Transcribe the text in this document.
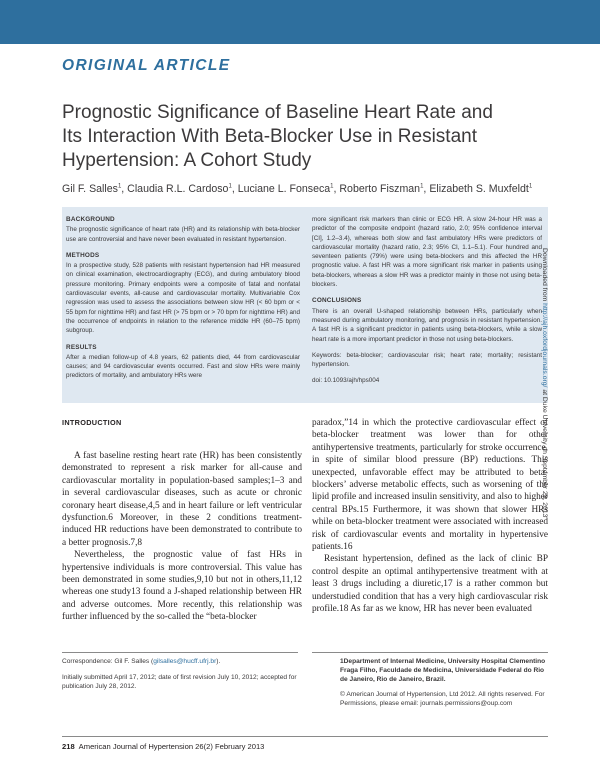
ORIGINAL ARTICLE
Prognostic Significance of Baseline Heart Rate and
Its Interaction With Beta-Blocker Use in Resistant
Hypertension: A Cohort Study
Gil F. Salles$^1$, Claudia R.L. Cardoso$^1$, Luciane L. Fonseca$^1$, Roberto Fiszman$^1$, Elizabeth S. Muxfeldt$^1$
BACKGROUND

The prognostic significance of heart rate (HR) and its relationship with beta-blocker use are controversial and have never been evaluated in resistant hypertension.

METHODS

In a prospective study, 528 patients with resistant hypertension had HR measured on clinical examination, electrocardiography (ECG), and during ambulatory blood pressure monitoring. Primary endpoints were a composite of fatal and nonfatal cardiovascular events, all-cause and cardiovascular mortality. Multivariable Cox regression was used to assess the associations between slow HR (< 60 bpm or < 55 bpm for nighttime HR) and fast HR (> 75 bpm or > 70 bpm for nighttime HR) and the occurrence of endpoints in relation to the reference middle HR (60–75 bpm) subgroup.

RESULTS

After a median follow-up of 4.8 years, 62 patients died, 44 from cardiovascular causes; and 94 cardiovascular events occurred. Fast and slow HRs were mainly predictors of mortality, and ambulatory HRs were

more significant risk markers than clinic or ECG HR. A slow 24-hour HR was a predictor of the composite endpoint (hazard ratio, 2.0; 95% confidence interval [CI], 1.2–3.4), whereas both slow and fast ambulatory HRs were predictors of cardiovascular mortality (hazard ratio, 2.3; 95% CI, 1.1–5.1). Four hundred and seventeen patients (79%) were using beta-blockers and this affected the HR prognostic value. A fast HR was a more significant risk marker in patients using beta-blockers, whereas a slow HR was a predictor mainly in those not using beta-blockers.

CONCLUSIONS

There is an overall U-shaped relationship between HRs, particularly when measured during ambulatory monitoring, and prognosis in resistant hypertension. A fast HR is a significant predictor in patients using beta-blockers, while a slow heart rate is a more important predictor in those not using beta-blockers.

Keywords: beta-blocker; cardiovascular risk; heart rate; mortality; resistant hypertension.

doi: 10.1093/ajh/hps004
Downloaded from http://ajh.oxfordjournals.org/ at Duke University on September 23, 2013
INTRODUCTION

A fast baseline resting heart rate (HR) has been consistently demonstrated to represent a risk marker for all-cause and cardiovascular mortality in population-based samples;1–3 and in several cardiovascular diseases, such as acute or chronic coronary heart disease,4,5 and in heart failure or left ventricular dysfunction.6 Moreover, in these 2 conditions treatment-induced HR reductions have been demonstrated to contribute to a better prognosis.7,8

Nevertheless, the prognostic value of fast HRs in hypertensive individuals is more controversial. This value has been demonstrated in some studies,9,10 but not in others,11,12 whereas one study13 found a J-shaped relationship between HR and adverse outcomes. More recently, this relationship was further influenced by the so-called the “beta-blocker

paradox,”14 in which the protective cardiovascular effect of beta-blocker treatment was lower than for other antihypertensive treatments, particularly for stroke occurrence, in spite of similar blood pressure (BP) reductions. This unexpected, unfavorable effect may be attributed to beta-blockers’ adverse metabolic effects, such as worsening of the lipid profile and increased insulin sensitivity, and also to higher central BPs.15 Furthermore, it was shown that slower HRs while on beta-blocker treatment were associated with increased risk of cardiovascular events and mortality in hypertensive patients.16

Resistant hypertension, defined as the lack of clinic BP control despite an optimal antihypertensive treatment with at least 3 drugs including a diuretic,17 is a rather common but understudied condition that has a very high cardiovascular risk profile.18 As far as we know, HR has never been evaluated

Correspondence: Gil F. Salles (gilsalles@hucff.ufrj.br).
Initially submitted April 17, 2012; date of first revision July 10, 2012; accepted for publication July 28, 2012.
1Department of Internal Medicine, University Hospital Clementino Fraga Filho, Faculdade de Medicina, Universidade Federal do Rio de Janeiro, Rio de Janeiro, Brazil.
© American Journal of Hypertension, Ltd 2012. All rights reserved. For Permissions, please email: journals.permissions@oup.com
218 American Journal of Hypertension 26(2) February 2013
